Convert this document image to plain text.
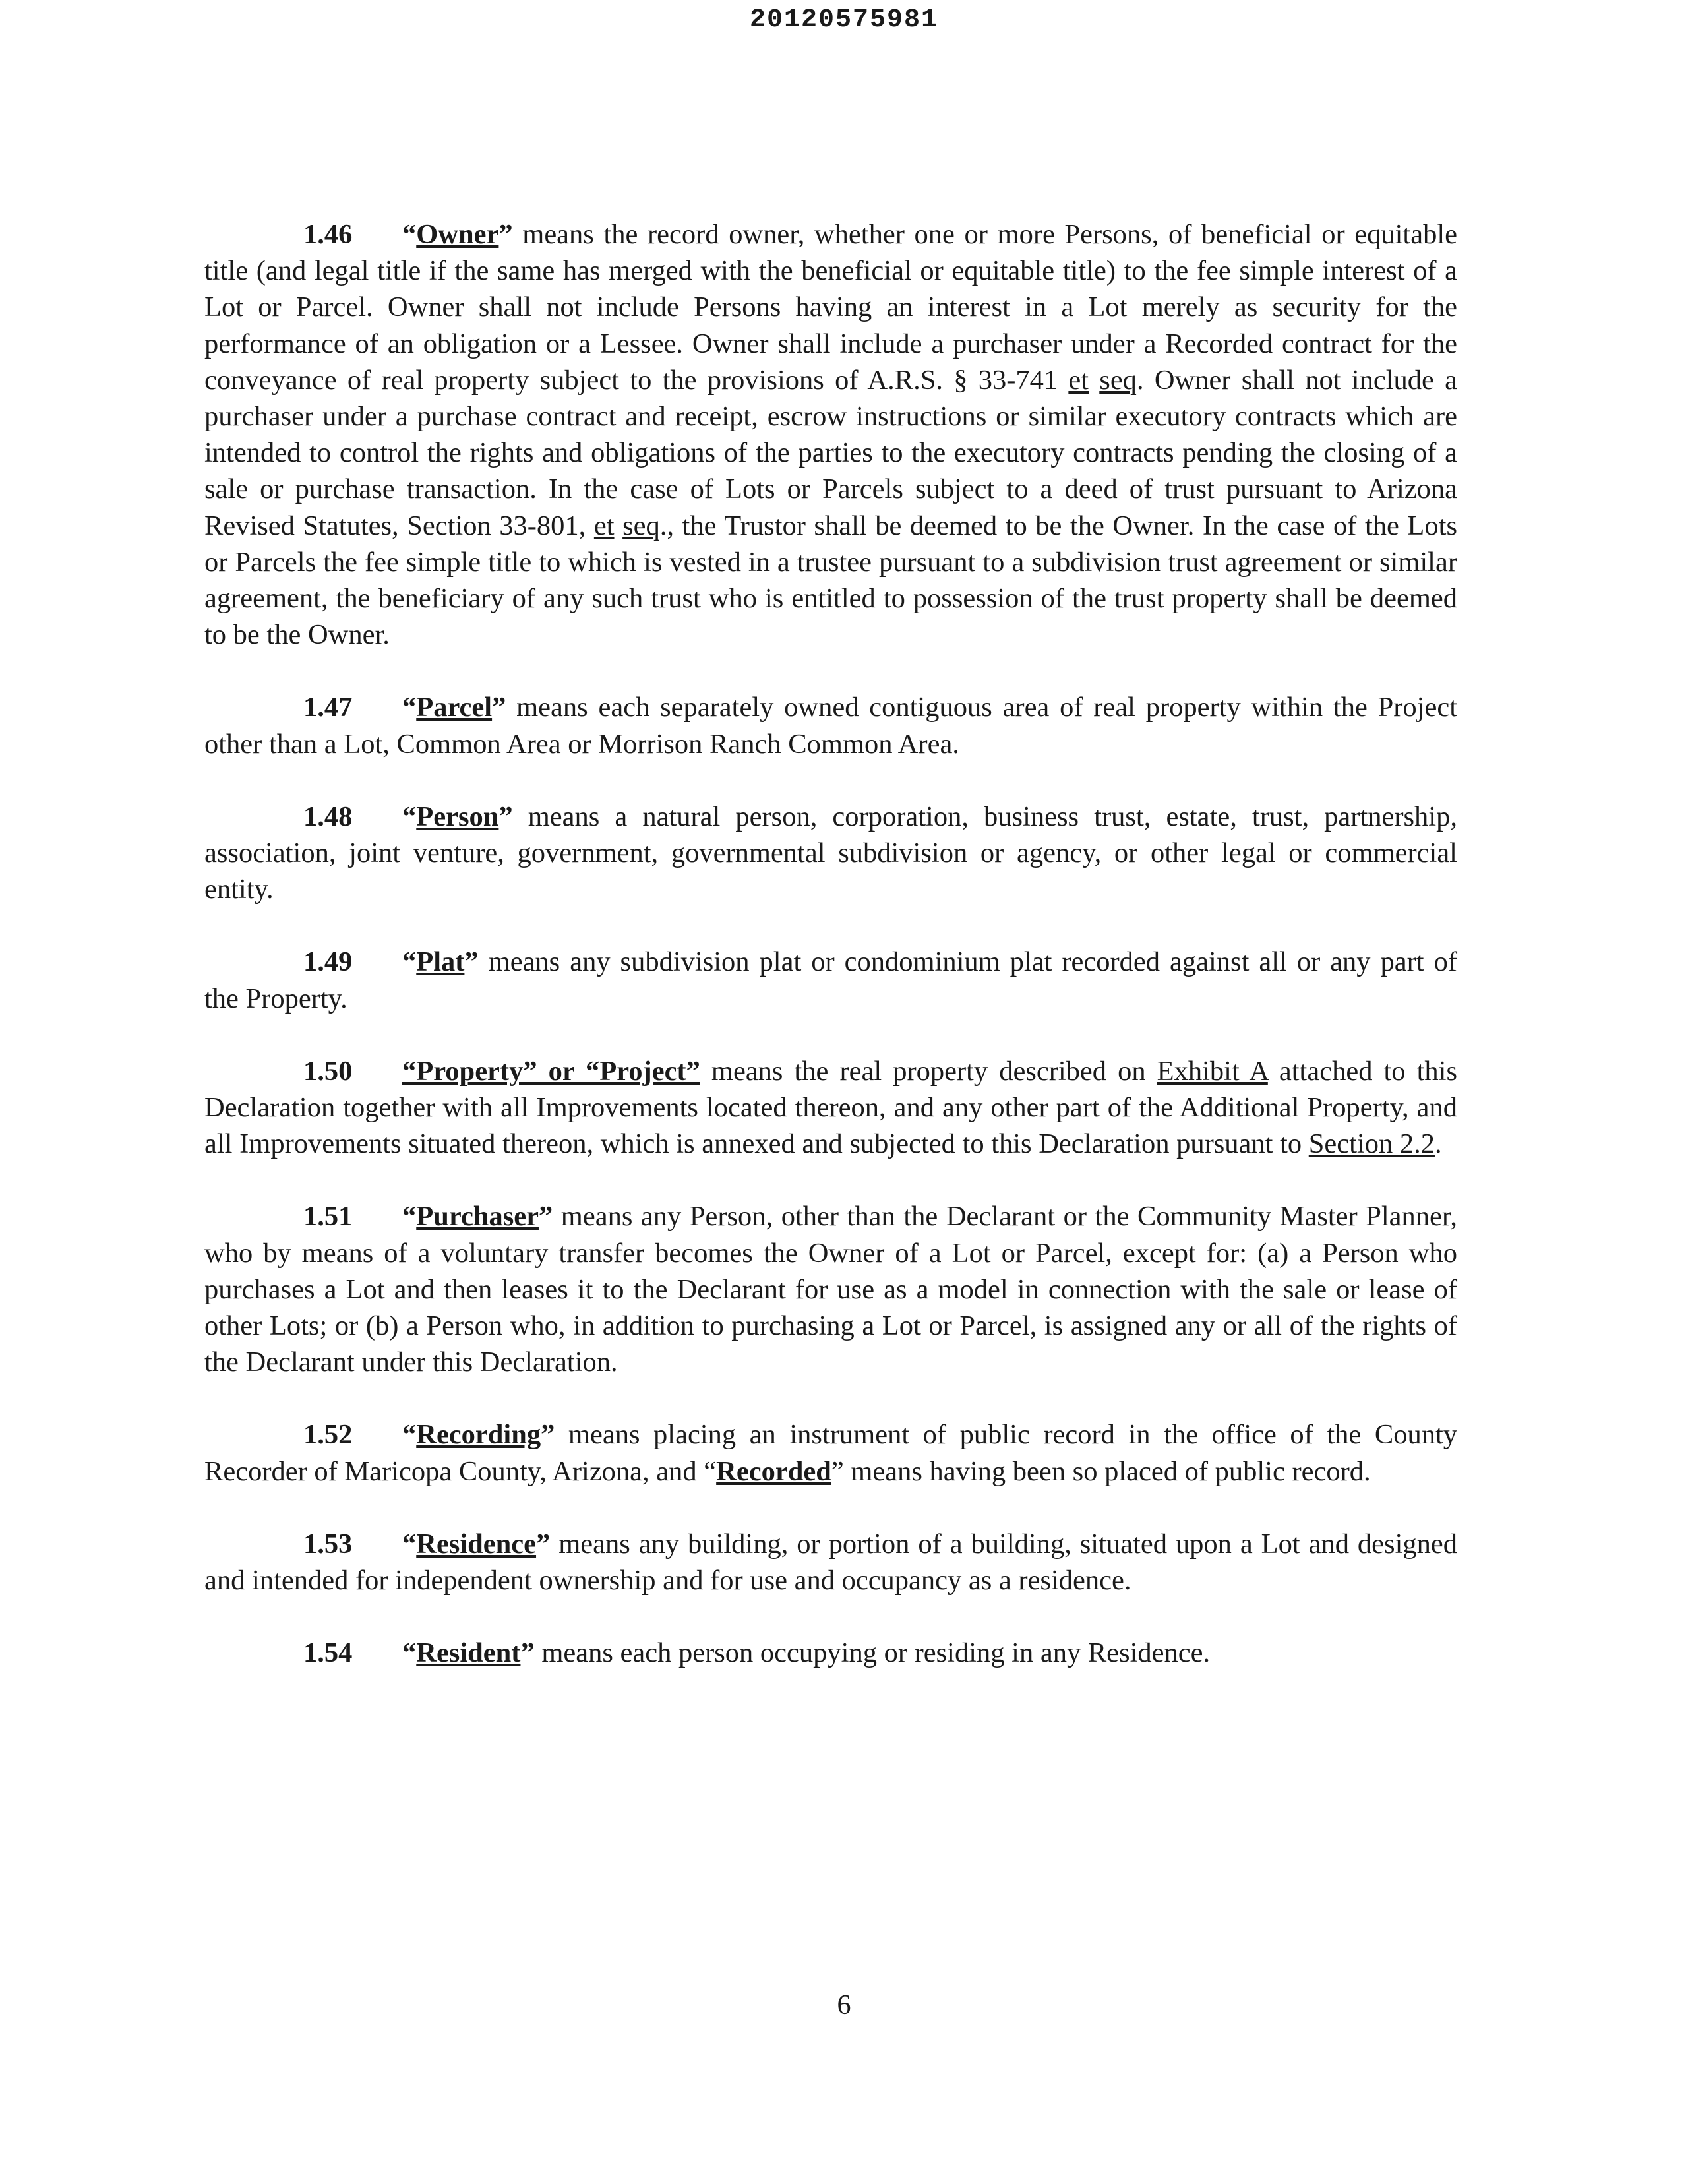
20120575981

1.46 “Owner” means the record owner, whether one or more Persons, of beneficial or equitable title (and legal title if the same has merged with the beneficial or equitable title) to the fee simple interest of a Lot or Parcel. Owner shall not include Persons having an interest in a Lot merely as security for the performance of an obligation or a Lessee. Owner shall include a purchaser under a Recorded contract for the conveyance of real property subject to the provisions of A.R.S. § 33-741 et seq. Owner shall not include a purchaser under a purchase contract and receipt, escrow instructions or similar executory contracts which are intended to control the rights and obligations of the parties to the executory contracts pending the closing of a sale or purchase transaction. In the case of Lots or Parcels subject to a deed of trust pursuant to Arizona Revised Statutes, Section 33-801, et seq., the Trustor shall be deemed to be the Owner. In the case of the Lots or Parcels the fee simple title to which is vested in a trustee pursuant to a subdivision trust agreement or similar agreement, the beneficiary of any such trust who is entitled to possession of the trust property shall be deemed to be the Owner.

1.47 “Parcel” means each separately owned contiguous area of real property within the Project other than a Lot, Common Area or Morrison Ranch Common Area.

1.48 “Person” means a natural person, corporation, business trust, estate, trust, partnership, association, joint venture, government, governmental subdivision or agency, or other legal or commercial entity.

1.49 “Plat” means any subdivision plat or condominium plat recorded against all or any part of the Property.

1.50 “Property” or “Project” means the real property described on Exhibit A attached to this Declaration together with all Improvements located thereon, and any other part of the Additional Property, and all Improvements situated thereon, which is annexed and subjected to this Declaration pursuant to Section 2.2.

1.51 “Purchaser” means any Person, other than the Declarant or the Community Master Planner, who by means of a voluntary transfer becomes the Owner of a Lot or Parcel, except for: (a) a Person who purchases a Lot and then leases it to the Declarant for use as a model in connection with the sale or lease of other Lots; or (b) a Person who, in addition to purchasing a Lot or Parcel, is assigned any or all of the rights of the Declarant under this Declaration.

1.52 “Recording” means placing an instrument of public record in the office of the County Recorder of Maricopa County, Arizona, and “Recorded” means having been so placed of public record.

1.53 “Residence” means any building, or portion of a building, situated upon a Lot and designed and intended for independent ownership and for use and occupancy as a residence.

1.54 “Resident” means each person occupying or residing in any Residence.

6
